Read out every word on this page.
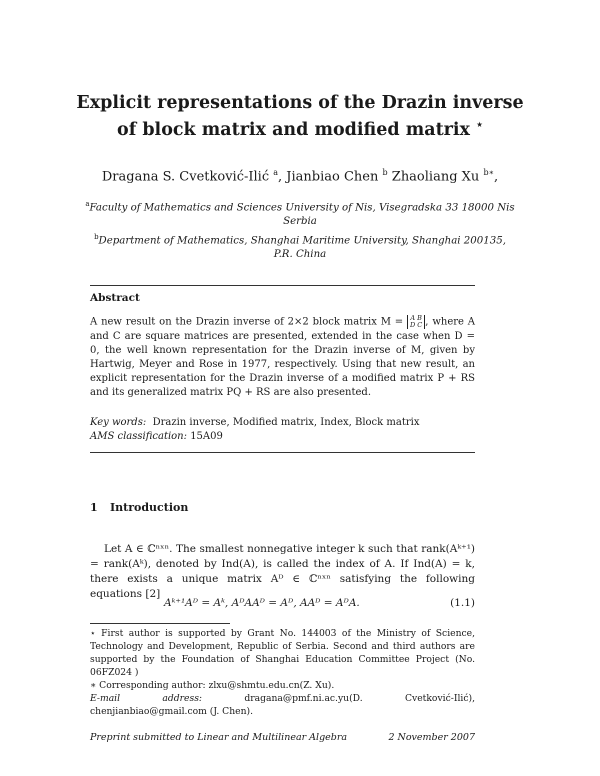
Explicit representations of the Drazin inverse
of block matrix and modified matrix ⋆
Dragana S. Cvetković-Ilić $^a$, Jianbiao Chen $^b$ Zhaoliang Xu $^{b∗}$,
$^a$Faculty of Mathematics and Sciences University of Nis, Visegradska 33 18000 Nis
Serbia
$^b$Department of Mathematics, Shanghai Maritime University, Shanghai 200135,
P.R. China
Abstract
A new result on the Drazin inverse of 2×2 block matrix M = A B
D C , where A and C are square matrices are presented, extended in the case when D = 0, the well known representation for the Drazin inverse of M, given by Hartwig, Meyer and Rose in 1977, respectively. Using that new result, an explicit representation for the Drazin inverse of a modified matrix P + RS and its generalized matrix PQ + RS are also presented.
Key words: Drazin inverse, Modified matrix, Index, Block matrix
AMS classification: 15A09
1 Introduction

Let A ∈ ℂⁿˣⁿ. The smallest nonnegative integer k such that rank(Aᵏ⁺¹) = rank(Aᵏ), denoted by Ind(A), is called the index of A. If Ind(A) = k, there exists a unique matrix Aᴰ ∈ ℂⁿˣⁿ satisfying the following equations [2]

Aᵏ⁺¹Aᴰ = Aᵏ, AᴰAAᴰ = Aᴰ, AAᴰ = AᴰA.	(1.1)

⋆ First author is supported by Grant No. 144003 of the Ministry of Science, Technology and Development, Republic of Serbia. Second and third authors are supported by the Foundation of Shanghai Education Committee Project (No. 06FZ024 )

∗ Corresponding author: zlxu@shmtu.edu.cn(Z. Xu).

E-mail address: dragana@pmf.ni.ac.yu(D. Cvetković-Ilić), chenjianbiao@gmail.com (J. Chen).

Preprint submitted to Linear and Multilinear Algebra	2 November 2007
